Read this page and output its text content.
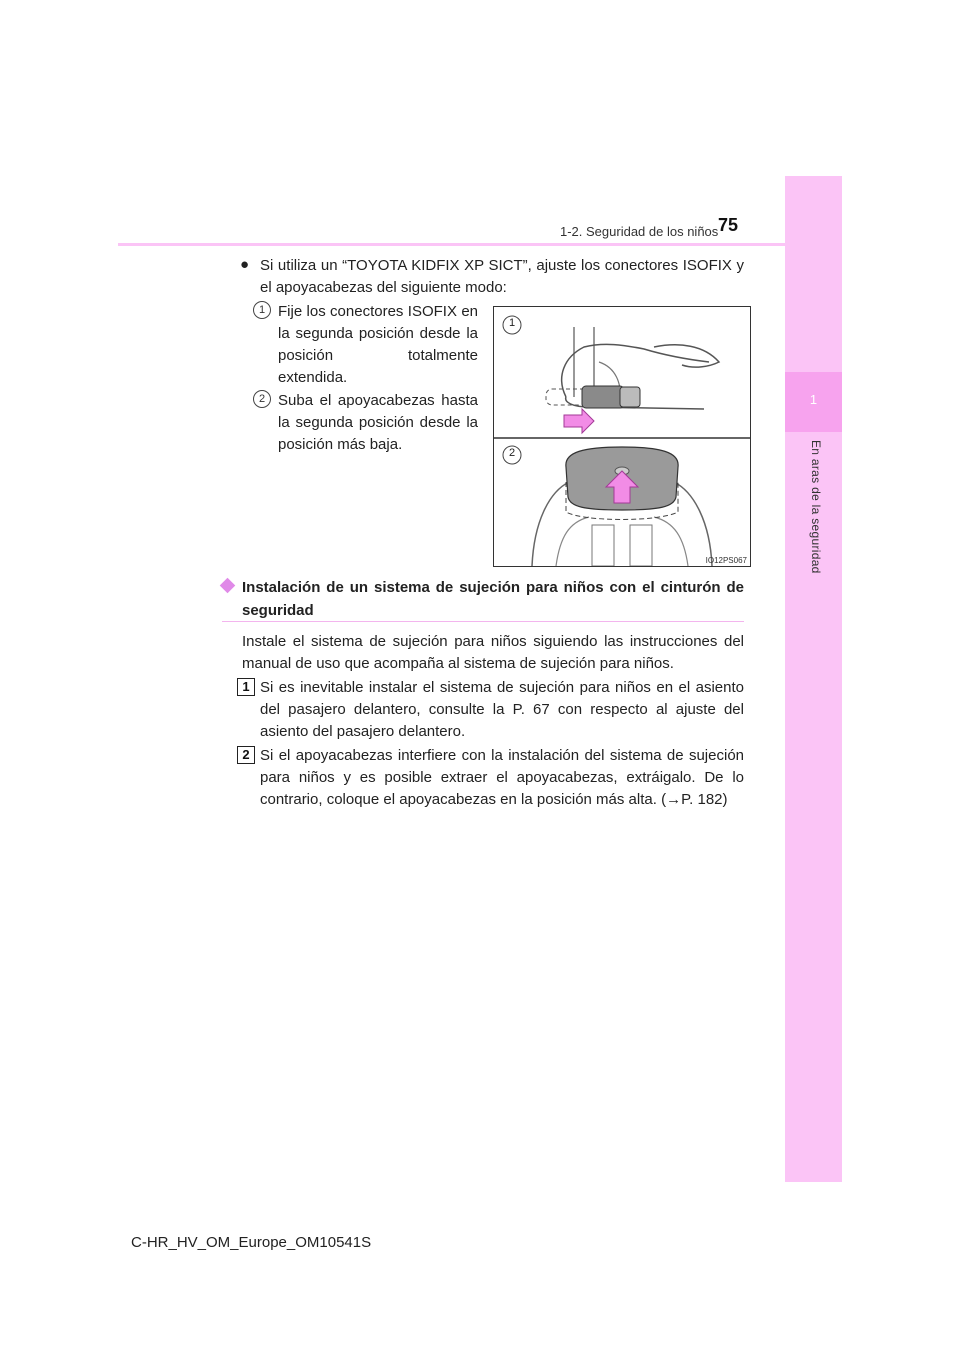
1
En aras de la seguridad
1-2. Seguridad de los niños 75
● Si utiliza un “TOYOTA KIDFIX XP SICT”, ajuste los conectores ISOFIX y el apoyacabezas del siguiente modo:
1 Fije los conectores ISOFIX en la segunda posición desde la posición totalmente extendida.
2 Suba el apoyacabezas hasta la segunda posición desde la posición más baja.
1
2
IO12PS067
Instalación de un sistema de sujeción para niños con el cinturón de seguridad
Instale el sistema de sujeción para niños siguiendo las instrucciones del manual de uso que acompaña al sistema de sujeción para niños.
1 Si es inevitable instalar el sistema de sujeción para niños en el asiento del pasajero delantero, consulte la P. 67 con respecto al ajuste del asiento del pasajero delantero.
2 Si el apoyacabezas interfiere con la instalación del sistema de sujeción para niños y es posible extraer el apoyacabezas, extráigalo. De lo contrario, coloque el apoyacabezas en la posición más alta. (→P. 182)
C-HR_HV_OM_Europe_OM10541S
